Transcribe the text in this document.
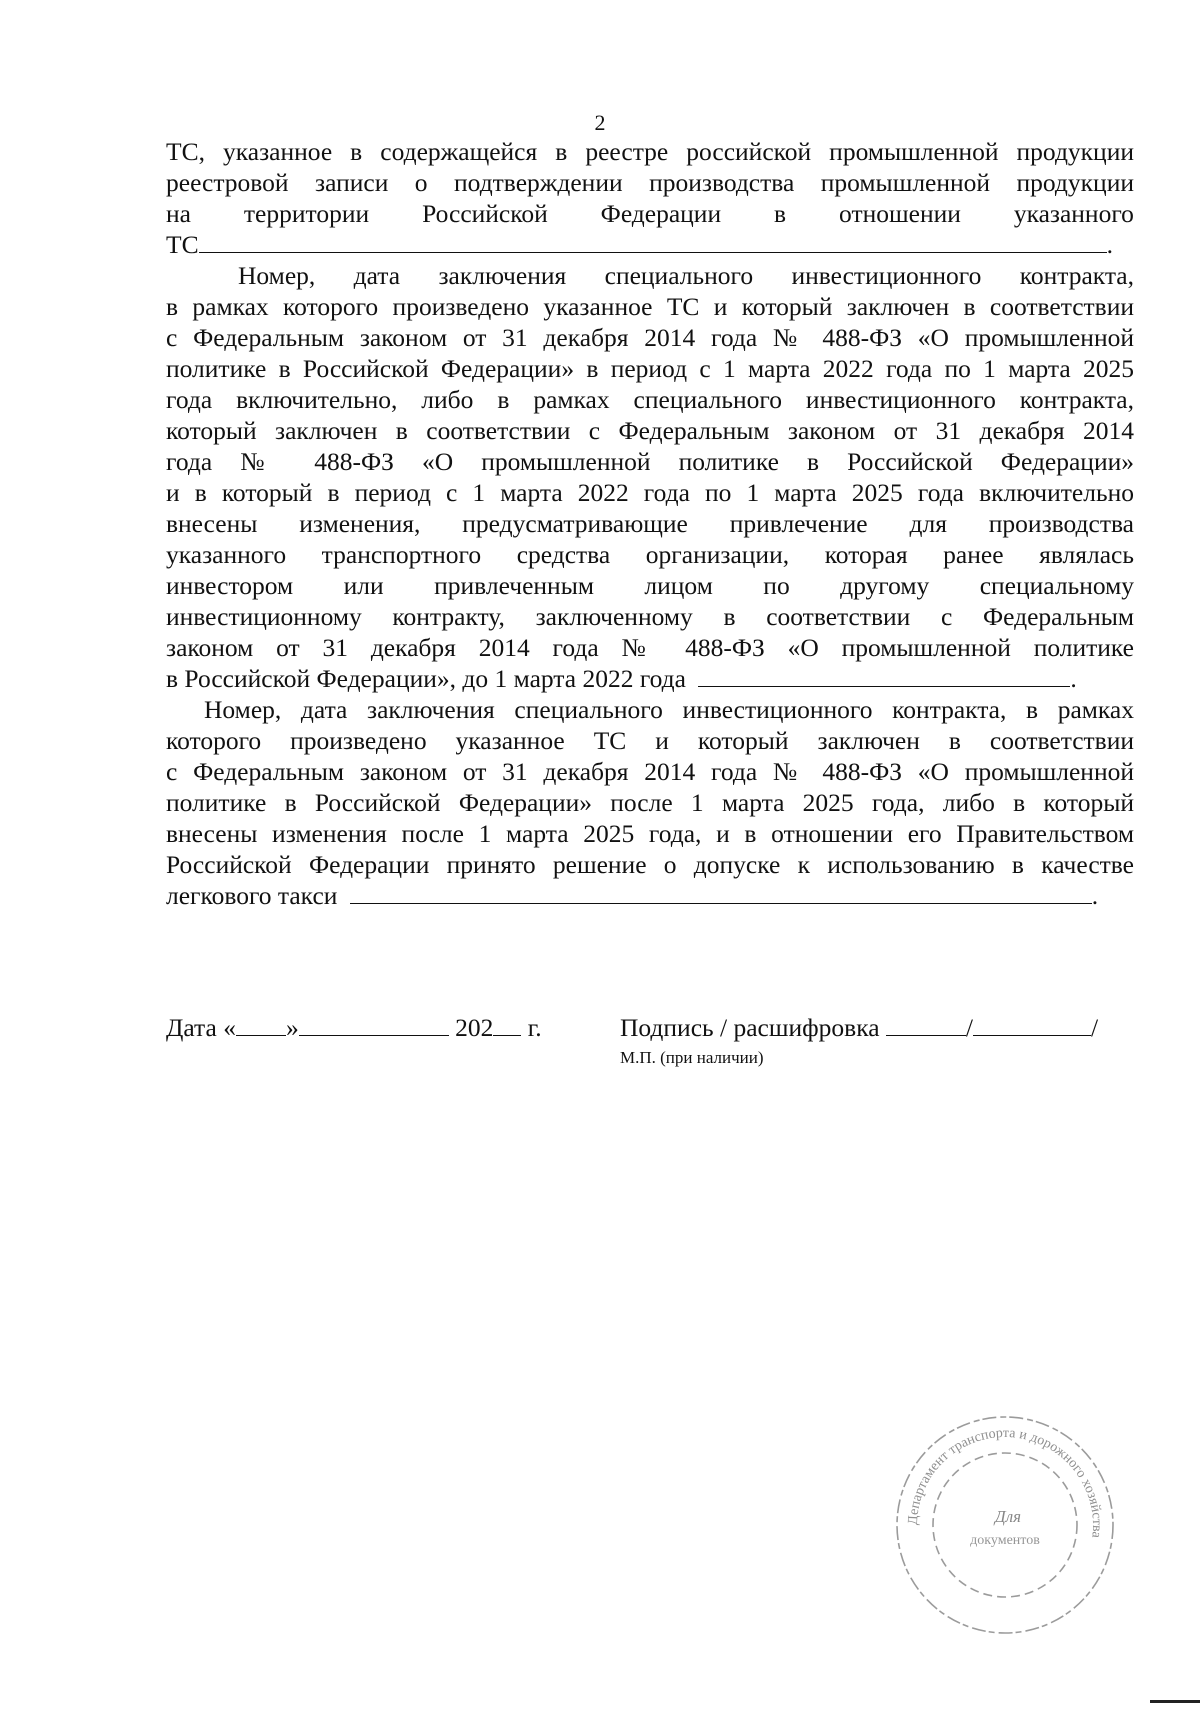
2
ТС, указанное в содержащейся в реестре российской промышленной продукции
реестровой записи о подтверждении производства промышленной продукции
на территории Российской Федерации в отношении указанного
ТС	.
Номер, дата заключения специального инвестиционного контракта,
в рамках которого произведено указанное ТС и который заключен в соответствии
с Федеральным законом от 31 декабря 2014 года № 488-ФЗ «О промышленной
политике в Российской Федерации» в период с 1 марта 2022 года по 1 марта 2025
года включительно, либо в рамках специального инвестиционного контракта,
который заключен в соответствии с Федеральным законом от 31 декабря 2014
года № 488-ФЗ «О промышленной политике в Российской Федерации»
и в который в период с 1 марта 2022 года по 1 марта 2025 года включительно
внесены изменения, предусматривающие привлечение для производства
указанного транспортного средства организации, которая ранее являлась
инвестором или привлеченным лицом по другому специальному
инвестиционному контракту, заключенному в соответствии с Федеральным
законом от 31 декабря 2014 года № 488-ФЗ «О промышленной политике
в Российской Федерации», до 1 марта 2022 года	.
Номер, дата заключения специального инвестиционного контракта, в рамках
которого произведено указанное ТС и который заключен в соответствии
с Федеральным законом от 31 декабря 2014 года № 488-ФЗ «О промышленной
политике в Российской Федерации» после 1 марта 2025 года, либо в который
внесены изменения после 1 марта 2025 года, и в отношении его Правительством
Российской Федерации принято решение о допуске к использованию в качестве
легкового такси	.
Дата « »	202 г.	Подпись / расшифровка	/	/
М.П. (при наличии)
Департамент транспорта и дорожного хозяйства
Для
документов
